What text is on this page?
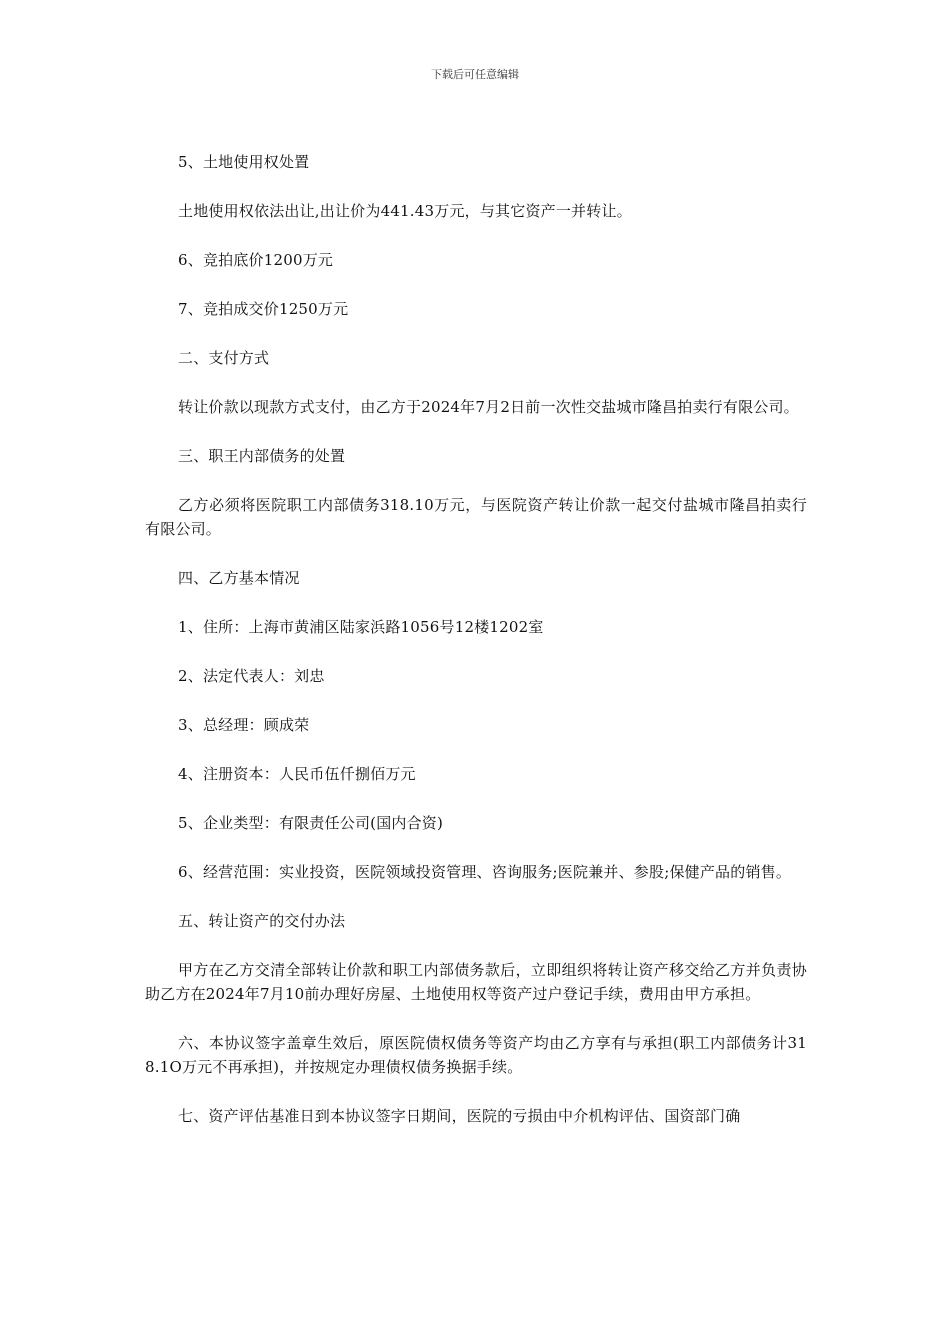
下载后可任意编辑

5、土地使用权处置

土地使用权依法出让,出让价为441.43万元，与其它资产一并转让。

6、竞拍底价1200万元

7、竞拍成交价1250万元

二、支付方式

转让价款以现款方式支付，由乙方于2024年7月2日前一次性交盐城市隆昌拍卖行有限公司。

三、职王内部债务的处置

乙方必须将医院职工内部债务318.10万元，与医院资产转让价款一起交付盐城市隆昌拍卖行有限公司。

四、乙方基本情况

1、住所：上海市黄浦区陆家浜路1056号12楼1202室

2、法定代表人：刘忠

3、总经理：顾成荣

4、注册资本：人民币伍仟捌佰万元

5、企业类型：有限责任公司(国内合资)

6、经营范围：实业投资，医院领域投资管理、咨询服务;医院兼并、参股;保健产品的销售。

五、转让资产的交付办法

甲方在乙方交清全部转让价款和职工内部债务款后，立即组织将转让资产移交给乙方并负责协助乙方在2024年7月10前办理好房屋、土地使用权等资产过户登记手续，费用由甲方承担。

六、本协议签字盖章生效后，原医院债权债务等资产均由乙方享有与承担(职工内部债务计318.1O万元不再承担)，并按规定办理债权债务换据手续。

七、资产评估基准日到本协议签字日期间，医院的亏损由中介机构评估、国资部门确
